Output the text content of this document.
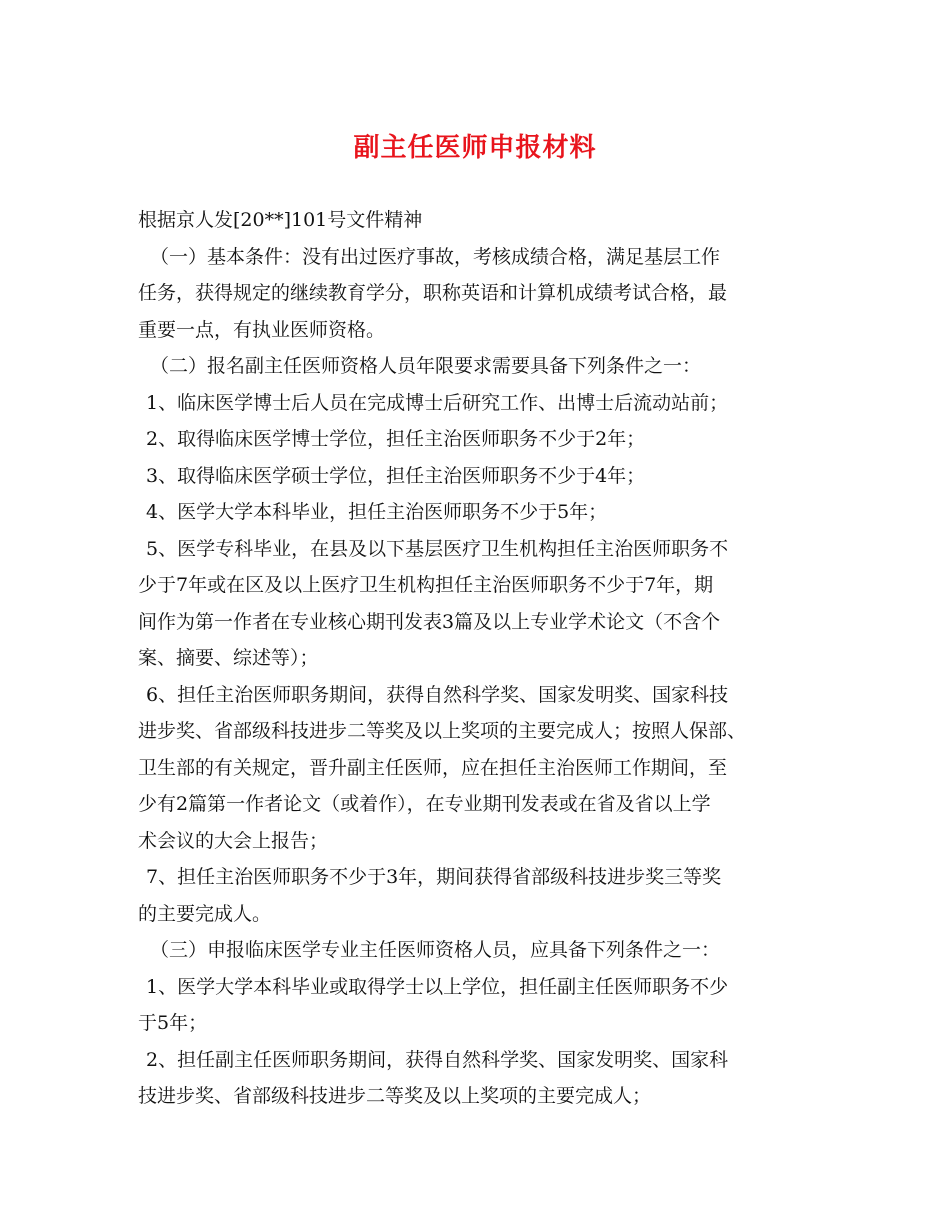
副主任医师申报材料
根据京人发[20**]101号文件精神
（一）基本条件：没有出过医疗事故，考核成绩合格，满足基层工作
任务，获得规定的继续教育学分，职称英语和计算机成绩考试合格，最
重要一点，有执业医师资格。
（二）报名副主任医师资格人员年限要求需要具备下列条件之一：
1、临床医学博士后人员在完成博士后研究工作、出博士后流动站前；
2、取得临床医学博士学位，担任主治医师职务不少于2年；
3、取得临床医学硕士学位，担任主治医师职务不少于4年；
4、医学大学本科毕业，担任主治医师职务不少于5年；
5、医学专科毕业，在县及以下基层医疗卫生机构担任主治医师职务不
少于7年或在区及以上医疗卫生机构担任主治医师职务不少于7年，期
间作为第一作者在专业核心期刊发表3篇及以上专业学术论文（不含个
案、摘要、综述等）；
6、担任主治医师职务期间，获得自然科学奖、国家发明奖、国家科技
进步奖、省部级科技进步二等奖及以上奖项的主要完成人；按照人保部、
卫生部的有关规定，晋升副主任医师，应在担任主治医师工作期间，至
少有2篇第一作者论文（或着作），在专业期刊发表或在省及省以上学
术会议的大会上报告；
7、担任主治医师职务不少于3年，期间获得省部级科技进步奖三等奖
的主要完成人。
（三）申报临床医学专业主任医师资格人员，应具备下列条件之一：
1、医学大学本科毕业或取得学士以上学位，担任副主任医师职务不少
于5年；
2、担任副主任医师职务期间，获得自然科学奖、国家发明奖、国家科
技进步奖、省部级科技进步二等奖及以上奖项的主要完成人；
